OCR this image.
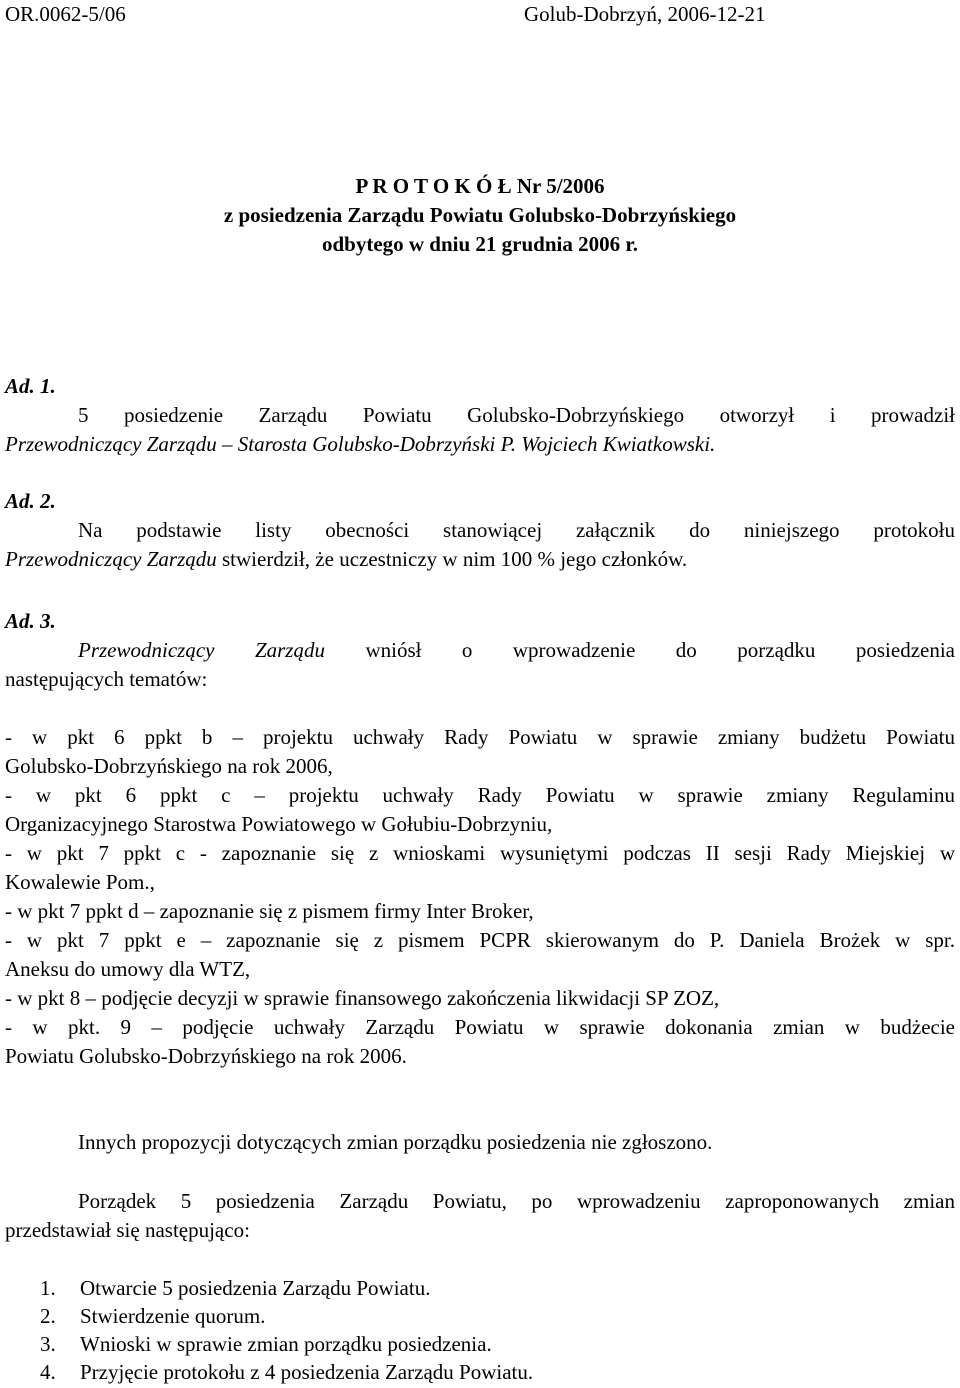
OR.0062-5/06	Golub-Dobrzyń, 2006-12-21
P R O T O K Ó Ł Nr 5/2006
z posiedzenia Zarządu Powiatu Golubsko-Dobrzyńskiego
odbytego w dniu 21 grudnia 2006 r.
Ad. 1.
5 posiedzenie Zarządu Powiatu Golubsko-Dobrzyńskiego otworzył i prowadził
Przewodniczący Zarządu – Starosta Golubsko-Dobrzyński P. Wojciech Kwiatkowski.
Ad. 2.
Na podstawie listy obecności stanowiącej załącznik do niniejszego protokołu
Przewodniczący Zarządu stwierdził, że uczestniczy w nim 100 % jego członków.
Ad. 3.
Przewodniczący Zarządu wniósł o wprowadzenie do porządku posiedzenia
następujących tematów:
- w pkt 6 ppkt b – projektu uchwały Rady Powiatu w sprawie zmiany budżetu Powiatu
Golubsko-Dobrzyńskiego na rok 2006,
- w pkt 6 ppkt c – projektu uchwały Rady Powiatu w sprawie zmiany Regulaminu
Organizacyjnego Starostwa Powiatowego w Gołubiu-Dobrzyniu,
- w pkt 7 ppkt c - zapoznanie się z wnioskami wysuniętymi podczas II sesji Rady Miejskiej w
Kowalewie Pom.,
- w pkt 7 ppkt d – zapoznanie się z pismem firmy Inter Broker,
- w pkt 7 ppkt e – zapoznanie się z pismem PCPR skierowanym do P. Daniela Brożek w spr.
Aneksu do umowy dla WTZ,
- w pkt 8 – podjęcie decyzji w sprawie finansowego zakończenia likwidacji SP ZOZ,
- w pkt. 9 – podjęcie uchwały Zarządu Powiatu w sprawie dokonania zmian w budżecie
Powiatu Golubsko-Dobrzyńskiego na rok 2006.
Innych propozycji dotyczących zmian porządku posiedzenia nie zgłoszono.
Porządek 5 posiedzenia Zarządu Powiatu, po wprowadzeniu zaproponowanych zmian
przedstawiał się następująco:
1. Otwarcie 5 posiedzenia Zarządu Powiatu.
2. Stwierdzenie quorum.
3. Wnioski w sprawie zmian porządku posiedzenia.
4. Przyjęcie protokołu z 4 posiedzenia Zarządu Powiatu.
